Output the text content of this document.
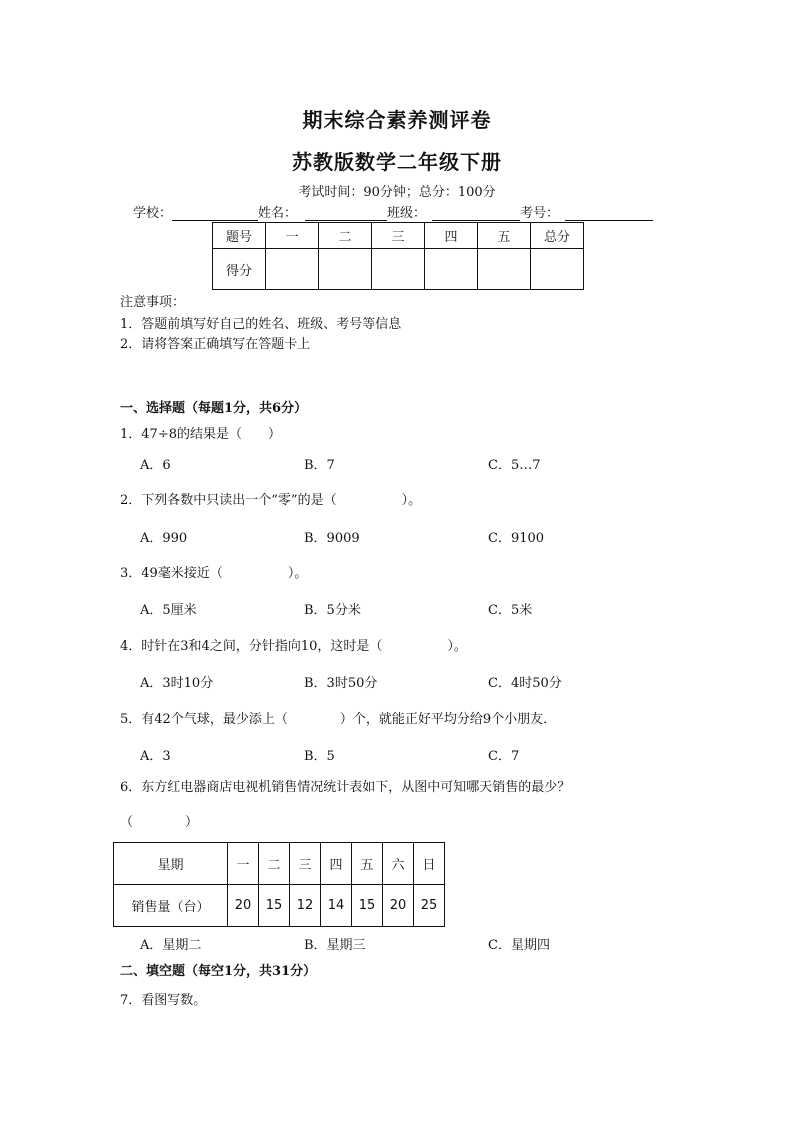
期末综合素养测评卷
苏教版数学二年级下册
考试时间：90分钟；总分：100分
学校：	姓名：	班级：	考号：
题号	一	二	三	四	五	总分
得分						
注意事项：
1．答题前填写好自己的姓名、班级、考号等信息
2．请将答案正确填写在答题卡上
一、选择题（每题1分，共6分）
1．47÷8的结果是（　　）
A．6	B．7	C．5…7
2．下列各数中只读出一个“零”的是（　　　　　）。
A．990	B．9009	C．9100
3．49毫米接近（　　　　　）。
A．5厘米	B．5分米	C．5米
4．时针在3和4之间，分针指向10，这时是（　　　　　）。
A．3时10分	B．3时50分	C．4时50分
5．有42个气球，最少添上（　　　　）个，就能正好平均分给9个小朋友．
A．3	B．5	C．7
6．东方红电器商店电视机销售情况统计表如下，从图中可知哪天销售的最少？
（　　　　）
星期	一	二	三	四	五	六	日
销售量（台）	20	15	12	14	15	20	25
A．星期二	B．星期三	C．星期四
二、填空题（每空1分，共31分）
7．看图写数。
